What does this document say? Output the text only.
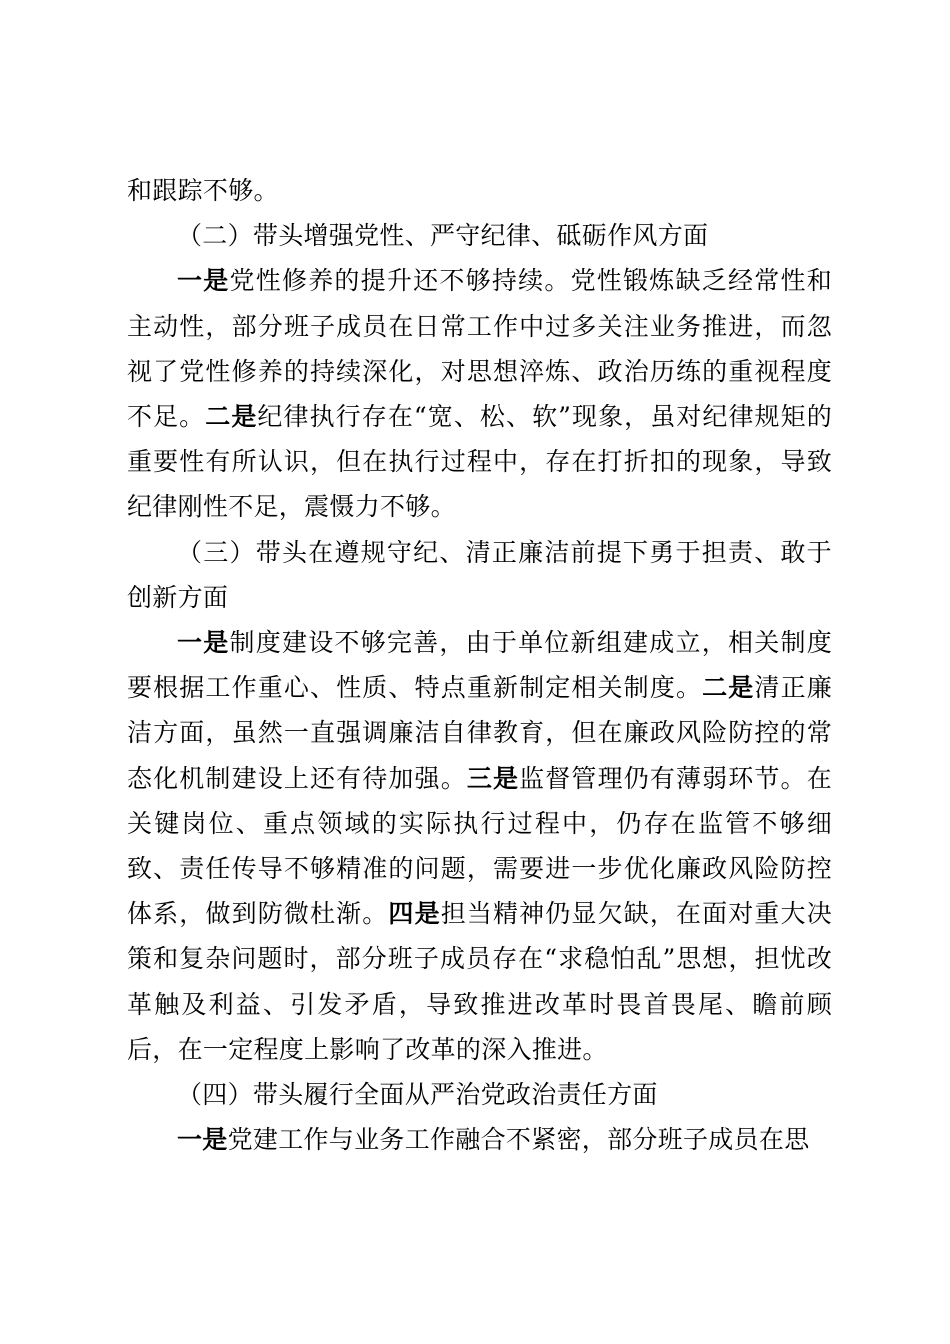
和跟踪不够。

（二）带头增强党性、严守纪律、砥砺作风方面

一是党性修养的提升还不够持续。党性锻炼缺乏经常性和主动性，部分班子成员在日常工作中过多关注业务推进，而忽视了党性修养的持续深化，对思想淬炼、政治历练的重视程度不足。二是纪律执行存在“宽、松、软”现象，虽对纪律规矩的重要性有所认识，但在执行过程中，存在打折扣的现象，导致纪律刚性不足，震慑力不够。

（三）带头在遵规守纪、清正廉洁前提下勇于担责、敢于创新方面

一是制度建设不够完善，由于单位新组建成立，相关制度要根据工作重心、性质、特点重新制定相关制度。二是清正廉洁方面，虽然一直强调廉洁自律教育，但在廉政风险防控的常态化机制建设上还有待加强。三是监督管理仍有薄弱环节。在关键岗位、重点领域的实际执行过程中，仍存在监管不够细致、责任传导不够精准的问题，需要进一步优化廉政风险防控体系，做到防微杜渐。四是担当精神仍显欠缺，在面对重大决策和复杂问题时，部分班子成员存在“求稳怕乱”思想，担忧改革触及利益、引发矛盾，导致推进改革时畏首畏尾、瞻前顾后，在一定程度上影响了改革的深入推进。

（四）带头履行全面从严治党政治责任方面

一是党建工作与业务工作融合不紧密，部分班子成员在思
